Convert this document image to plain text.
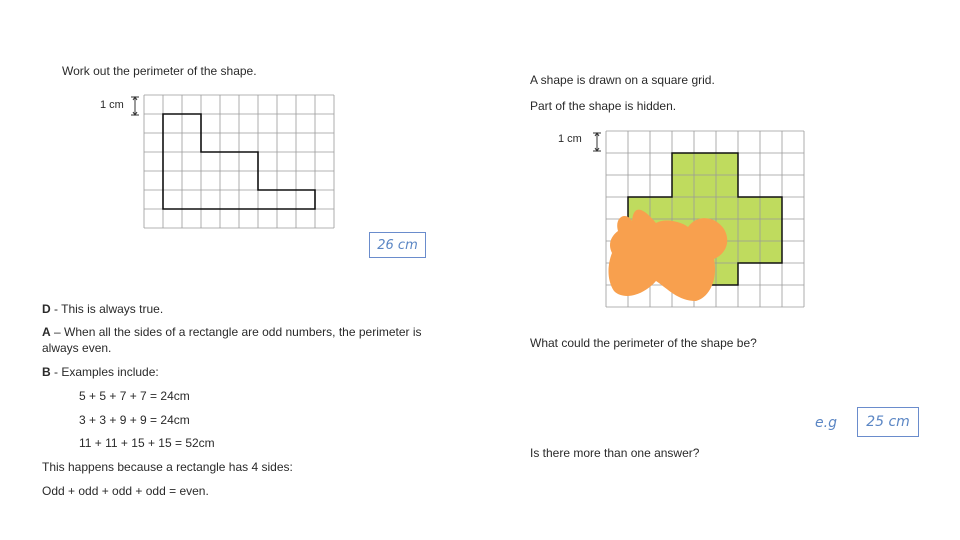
Work out the perimeter of the shape.
1 cm
26 cm
D - This is always true.
A – When all the sides of a rectangle are odd numbers, the perimeter is
always even.
B - Examples include:
5 + 5 + 7 + 7 = 24cm
3 + 3 + 9 + 9 = 24cm
11 + 11 + 15 + 15 = 52cm
This happens because a rectangle has 4 sides:
Odd + odd + odd + odd = even.
A shape is drawn on a square grid.
Part of the shape is hidden.
1 cm
What could the perimeter of the shape be?
e.g 25 cm
Is there more than one answer?
